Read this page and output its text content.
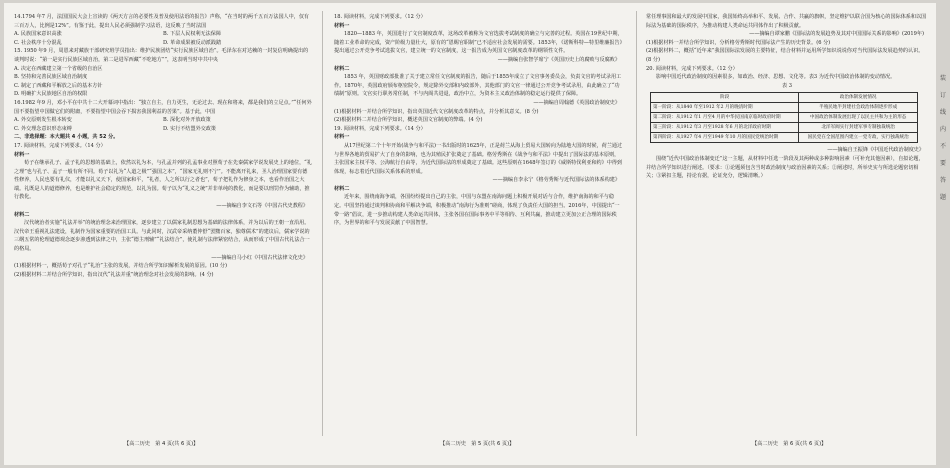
14.1794 年7 月，法国国民大会上宣读的《两天方言的必要性及普及使用法语的报告》声称，“在当时的两千五百万法国人中，仅有三百万人，比例是12%”。有鉴于此，提出人民必须强制学习法语，这反映了当时法国

A. 民族国家意识高涨	B. 下层人民权利无法保障
C. 社会秩序十分混乱	D. 革命成果被反动派践踏

15. 1950 年9 月，周恩来对藏族干部研究班学员指出：维护民族团结“实行民族区域自治”。毛泽东在对达赖的一封复信明确提出的谈判时说：“第一是实行民族区域自治，第二是进军西藏“不吃地方””，这表明当时中共中央

A. 决定在西藏建立第一个省级的自治区

B. 坚持和完善民族区域自治制度

C. 制定了西藏和平解放之后的基本方针

D. 明确扩大民族地区自治的权限

16.1982 年9 月，邓小平在中共十二大开幕词中指出：“独立自主，自力更生，无论过去、现在和将来，都是我们的立足点。”“任何外国不要指望中国做它们的附庸，不要指望中国会吞下损害我国利益的苦果”。基于此，中国

A. 外交原则发生根本转变	B. 深化对外开放政策
C. 外交理念意识形态束缚	D. 实行不结盟外交政策

二、非选择题：本大题共 4 小题，共 52 分。

17. 阅读材料，完成下列要求。（14 分）

材料一

荀子在继承孔子、孟子礼的思想的基础上，依然以礼为本，与孔孟并列的孔孟事业对照荀子在先秦儒家学说发展史上的地位，“礼之理”也与孔子、孟子一般有所不同。荀子以礼为“人道之极”“强国之本”，“国家无礼则不宁”。不能离开礼来，圣人治理国家要有德性修养，人民也要有礼仪，才能以礼义天下，使国家和平，“礼者，人之所以行之者也”，荀子把礼作为修身之本，也看作治国之大端。礼既是人的道德修养，也是维护社会稳定的规范，以礼为国。荀子以为“礼义之统”并非单纯的教化，而是要以刑罚作为辅助，推行教化。

——摘编自李文石等《中国古代史教程》

材料二

汉代统治者实施“礼法并举”的统治理念来治理国家，逐步建立了以儒家礼制思想为基础的法律体系，并为以后的王朝一直沿用。汉代帝王重视礼法建设，礼制作为国家重要的治国工具。与此同时，汉武帝采纳董仲舒“罢黜百家，独尊儒术”的建议后，儒家学说的三纲五常的伦理道德观念逐步渗透到法律之中，主张“德主刑辅”“礼法结合”，使礼制与法律紧密结合，从而形成了中国古代礼法合一的格局。

——摘编自马小红《中国古代法律文化史》

(1)根据材料一，概括荀子对孔子“礼治”主张的发展，并结合所学知识解析发展的原因。(10 分)

(2)根据材料二并结合所学知识，指出汉代“礼法并重”统治理念对社会发展的影响。(4 分)

【高二历史　第 4 页(共 6 页)】

18. 阅读材料，完成下列要求。（12 分）

材料一

1820—1883 年，英国进行了文官制度改革，这场改革被称为文官选拔考试制度的确立与完善的过程。英国在19世纪中期，随着工业革命的完成，资产阶级力量壮大，原有的“恩赐官职制”已不适应社会发展的需要。1853年，《诺斯科特—特里维廉报告》提出通过公开竞争考试选拔文官，建立统一的文官制度，这一报告成为英国文官制度改革的纲领性文件。

——摘编自张智学席宁《英国历史上的腐败与反腐败》

材料二

1853 年，英国财政部批准了关于建立常任文官制度的报告，随后于1855年成立了文官事务委员会，负责文官的考试录用工作。1870年，英国政府颁布枢密院令，规定除外交部和内政部外，其他部门的文官一律通过公开竞争考试录用，由此确立了“功绩制”原则。文官实行职务常任制，不与内阁共进退，政治中立，为资本主义政治体制的稳定运行提供了保障。

——摘编自周翰德《英国政治制度史》

(1)根据材料一并结合所学知识，指出英国近代文官制度改革的特点，并分析其意义。(8 分)

(2)根据材料二并结合所学知识，概述英国文官制度的弊端。(4 分)

19. 阅读材料，完成下列要求。（14 分）

材料一

从17世纪第二个十年开始(战争与和平法)一书出版时的1625年，正是荷兰从海上贸易大国转向为陆地大国的时候，荷兰通过与世界各地的贸易扩大了自身的影响，也为其殖民扩张奠定了基础。格劳秀斯在《战争与和平法》中提出了国际法的基本原则，主张国家主权平等、公海航行自由等，为近代国际法的形成奠定了基础。这些原则在1648年签订的《威斯特伐利亚和约》中得到体现，标志着近代国际关系体系的形成。

——摘编自李永宁《格劳秀斯与近代国际法的体系构建》

材料二

近年来，围绕南海争端，各国纷纷提出自己的主张，中国与东盟在南海问题上积极开展对话与合作，维护南海的和平与稳定。中国坚持通过谈判和协商和平解决争端，积极推动“南海行为准则”磋商，体现了负责任大国的担当。2016年，中国提出“一带一路”倡议，进一步推动构建人类命运共同体，主张各国在国际事务中平等相待、互利共赢，推动建立更加公正合理的国际秩序，为世界的和平与发展贡献了中国智慧。

【高二历史　第 5 页(共 6 页)】

常任理事国和最大的发展中国家，我国始终高举和平、发展、合作、共赢的旗帜，坚定维护以联合国为核心的国际体系和以国际法为基础的国际秩序，为推动构建人类命运共同体作出了积极贡献。

——摘编自谭家鹏《国际法的发展趋势及其对中国国际关系的影响》(2019年)

(1)根据材料一并结合所学知识，分析格劳秀斯时代国际法产生的历史背景。(6 分)

(2)根据材料二，概括“近年来”我国国际法发展的主要特征，结合材料并运用所学知识说说你对当代国际法发展趋势的认识。(8 分)

20. 阅读材料，完成下列要求。（12 分）

影响中国近代政治制度的因素很多，如政治、经济、思想、文化等。表3 为近代中国政治体制的变动情况。

表 3

阶段	政治体制发展情况
第一阶段：从1840 年至1912 年2 月的晚清时期	半殖民地半封建社会政治体制逐步形成
第二阶段：从1912 年1 月至4 月的中华民国南京临时政府时期	中国政治体制发展出现了以民主共和为主的形态
第三阶段：从1912 年3 月至1928 年6 月的北洋政府时期	北洋军阀实行封建军事专制独裁统治
第四阶段：从1927 年4 月至1949 年10 月的国民党统治时期	国民党在全国范围内建立一党专政，实行独裁统治

——摘编自王振锋《中国近代政治制度史》

围绕“近代中国政治体制变迁”这一主题，从材料中任选一阶段及其两种或多种影响因素（可补充其他因素），自拟论题，并结合所学知识进行阐述。（要求：①论题须包含当时政治制度与政治因素的关系；②阐述时，所举史实与所选论题密切相关；③紧扣主题，持论有据，论证充分，逻辑清晰。）

【高二历史　第 6 页(共 6 页)】
装
订
线
内
不
要
答
题
